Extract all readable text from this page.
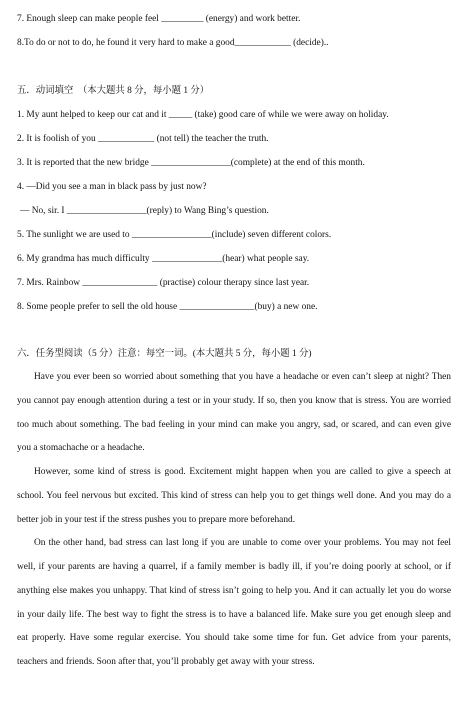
7. Enough sleep can make people feel _________ (energy) and work better.
8.To do or not to do, he found it very hard to make a good____________ (decide)..
五．动词填空　（本大题共 8 分，每小题 1 分）
1. My aunt helped to keep our cat and it _____ (take) good care of while we were away on holiday.
2. It is foolish of you ____________ (not tell) the teacher the truth.
3. It is reported that the new bridge _________________(complete) at the end of this month.
4. —Did you see a man in black pass by just now?
— No, sir. I _________________(reply) to Wang Bing’s question.
5. The sunlight we are used to _________________(include) seven different colors.
6. My grandma has much difficulty _______________(hear) what people say.
7. Mrs. Rainbow ________________ (practise) colour therapy since last year.
8. Some people prefer to sell the old house ________________(buy) a new one.
六．任务型阅读（5 分）注意：每空一词。(本大题共 5 分，每小题 1 分)

Have you ever been so worried about something that you have a headache or even can’t sleep at night? Then you cannot pay enough attention during a test or in your study. If so, then you know that is stress. You are worried too much about something. The bad feeling in your mind can make you angry, sad, or scared, and can even give you a stomachache or a headache.

However, some kind of stress is good. Excitement might happen when you are called to give a speech at school. You feel nervous but excited. This kind of stress can help you to get things well done. And you may do a better job in your test if the stress pushes you to prepare more beforehand.

On the other hand, bad stress can last long if you are unable to come over your problems. You may not feel well, if your parents are having a quarrel, if a family member is badly ill, if you’re doing poorly at school, or if anything else makes you unhappy. That kind of stress isn’t going to help you. And it can actually let you do worse in your daily life. The best way to fight the stress is to have a balanced life. Make sure you get enough sleep and eat properly. Have some regular exercise. You should take some time for fun. Get advice from your parents, teachers and friends. Soon after that, you’ll probably get away with your stress.
